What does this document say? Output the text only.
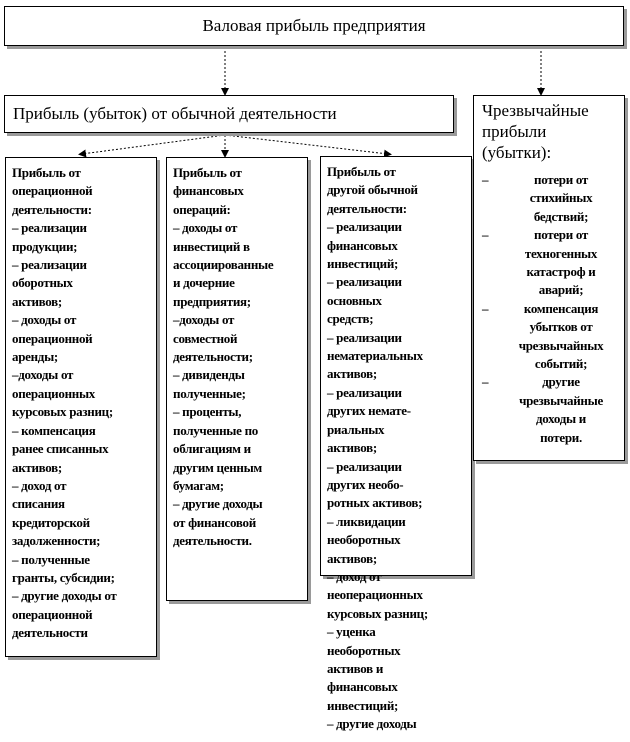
Валовая прибыль предприятия
Прибыль (убыток) от обычной деятельности
Прибыль от
операционной
деятельности:
– реализации
продукции;
– реализации
оборотных
активов;
– доходы от
операционной
аренды;
–доходы от
операционных
курсовых разниц;
– компенсация
ранее списанных
активов;
– доход от
списания
кредиторской
задолженности;
– полученные
гранты, субсидии;
– другие доходы от
операционной
деятельности
Прибыль от
финансовых
операций:
– доходы от
инвестиций в
ассоциированные
и дочерние
предприятия;
–доходы от
совместной
деятельности;
– дивиденды
полученные;
– проценты,
полученные по
облигациям и
другим ценным
бумагам;
– другие доходы
от финансовой
деятельности.
Прибыль от
другой обычной
деятельности:
– реализации
финансовых
инвестиций;
– реализации
основных
средств;
– реализации
нематериальных
активов;
– реализации
других немате-
риальных
активов;
– реализации
других необо-
ротных активов;
– ликвидации
необоротных
активов;
– доход от
неоперационных
курсовых разниц;
– уценка
необоротных
активов и
финансовых
инвестиций;
– другие доходы
Чрезвычайные
прибыли
(убытки):
–	потери от
стихийных
бедствий;
–	потери от
техногенных
катастроф и
аварий;
–	компенсация
убытков от
чрезвычайных
событий;
–	другие
чрезвычайные
доходы и
потери.
